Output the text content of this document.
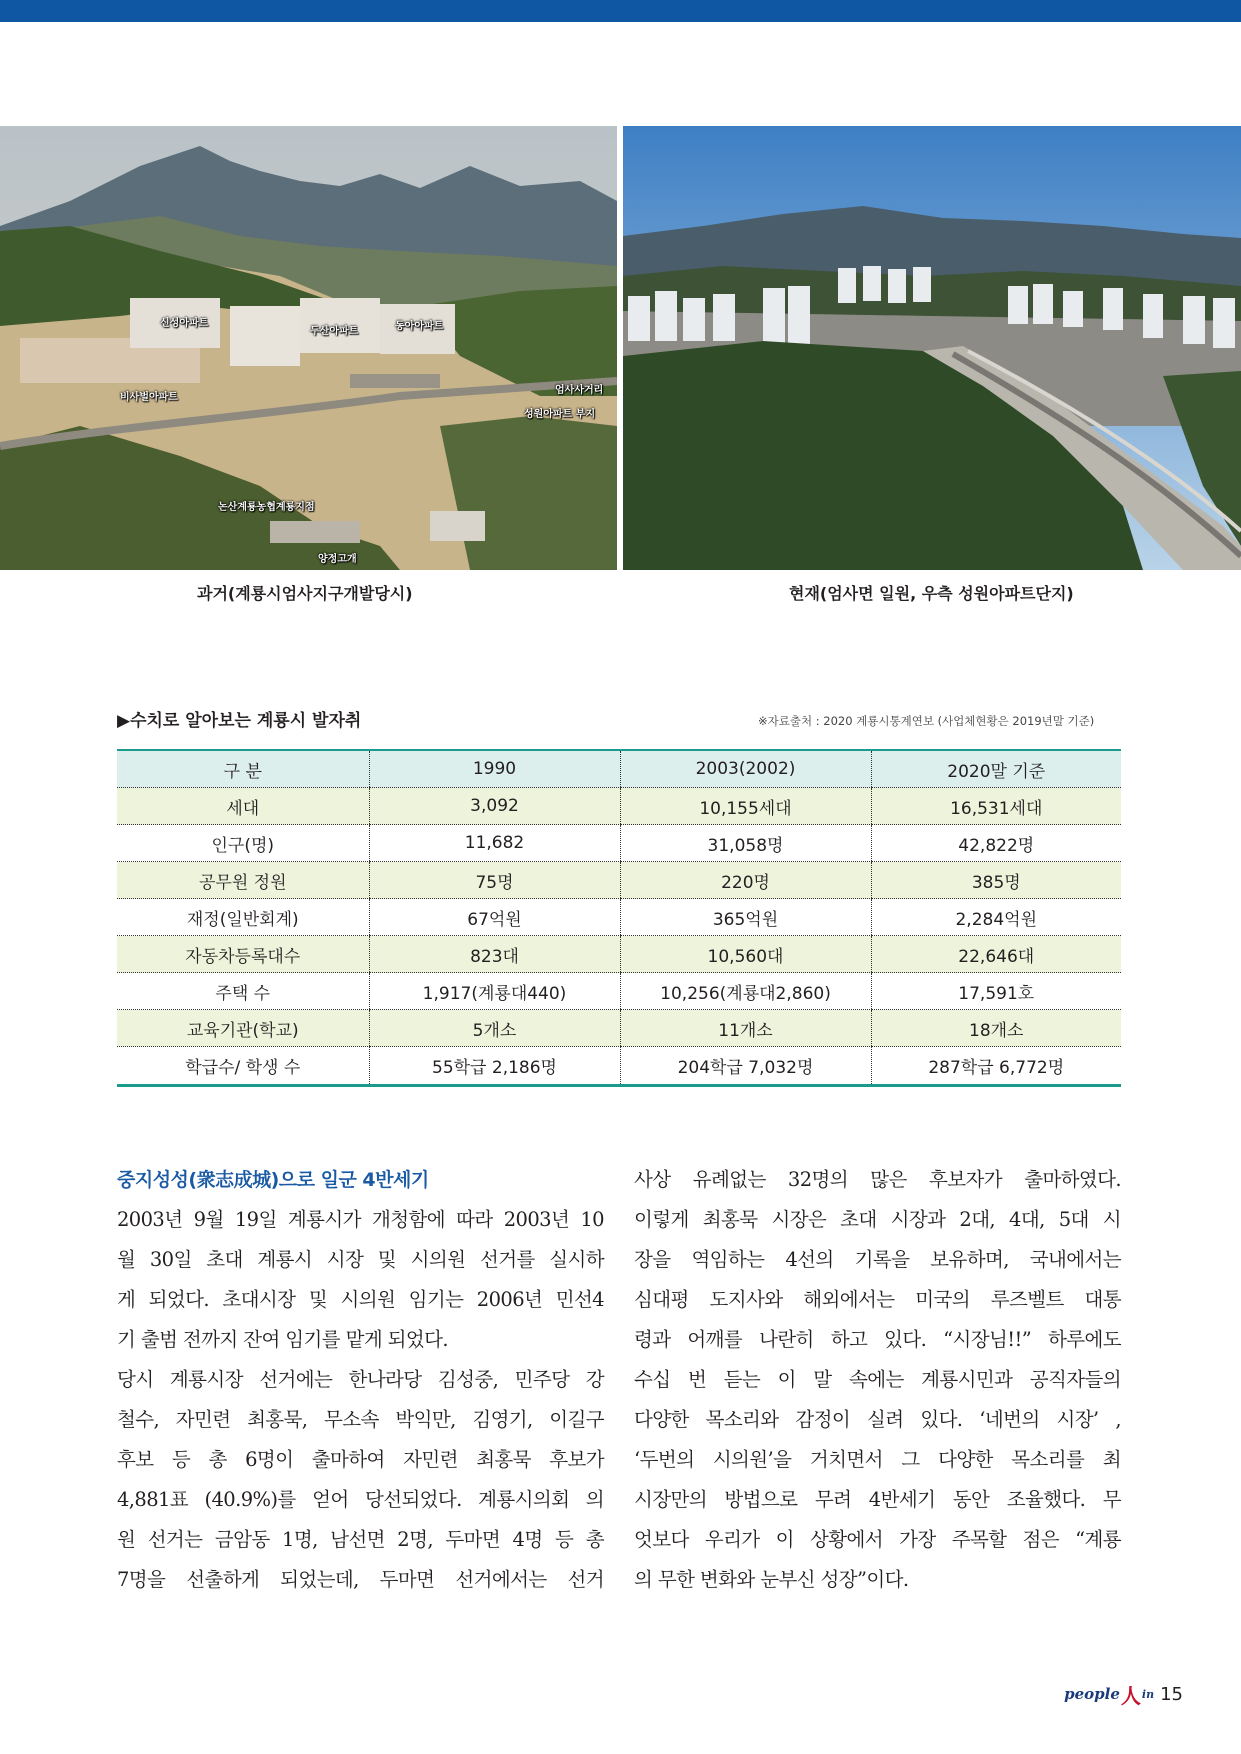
신성아파트
두산아파트	동아아파트
비사벌아파트
엄사사거리
성원아파트 부지
논산계룡농협계룡지점
양정고개
과거(계룡시엄사지구개발당시)	현재(엄사면 일원, 우측 성원아파트단지)
▶수치로 알아보는 계룡시 발자취	※자료출처 : 2020 계룡시통계연보 (사업체현황은 2019년말 기준)
구 분	1990	2003(2002)	2020말 기준
세대	3,092	10,155세대	16,531세대
인구(명)	11,682	31,058명	42,822명
공무원 정원	75명	220명	385명
재정(일반회계)	67억원	365억원	2,284억원
자동차등록대수	823대	10,560대	22,646대
주택 수	1,917(계룡대440)	10,256(계룡대2,860)	17,591호
교육기관(학교)	5개소	11개소	18개소
학급수/ 학생 수	55학급 2,186명	204학급 7,032명	287학급 6,772명
중지성성(衆志成城)으로 일군 4반세기
2003년 9월 19일 계룡시가 개청함에 따라 2003년 10
월 30일 초대 계룡시 시장 및 시의원 선거를 실시하
게 되었다. 초대시장 및 시의원 임기는 2006년 민선4
기 출범 전까지 잔여 임기를 맡게 되었다.
당시 계룡시장 선거에는 한나라당 김성중, 민주당 강
철수, 자민련 최홍묵, 무소속 박익만, 김영기, 이길구
후보 등 총 6명이 출마하여 자민련 최홍묵 후보가
4,881표 (40.9%)를 얻어 당선되었다. 계룡시의회 의
원 선거는 금암동 1명, 남선면 2명, 두마면 4명 등 총
7명을 선출하게 되었는데, 두마면 선거에서는 선거
사상 유례없는 32명의 많은 후보자가 출마하였다.
이렇게 최홍묵 시장은 초대 시장과 2대, 4대, 5대 시
장을 역임하는 4선의 기록을 보유하며, 국내에서는
심대평 도지사와 해외에서는 미국의 루즈벨트 대통
령과 어깨를 나란히 하고 있다. “시장님!!” 하루에도
수십 번 듣는 이 말 속에는 계룡시민과 공직자들의
다양한 목소리와 감정이 실려 있다. ‘네번의 시장’ ,
‘두번의 시의원’을 거치면서 그 다양한 목소리를 최
시장만의 방법으로 무려 4반세기 동안 조율했다. 무
엇보다 우리가 이 상황에서 가장 주목할 점은 “계룡
의 무한 변화와 눈부신 성장”이다.
people 人 in 15
